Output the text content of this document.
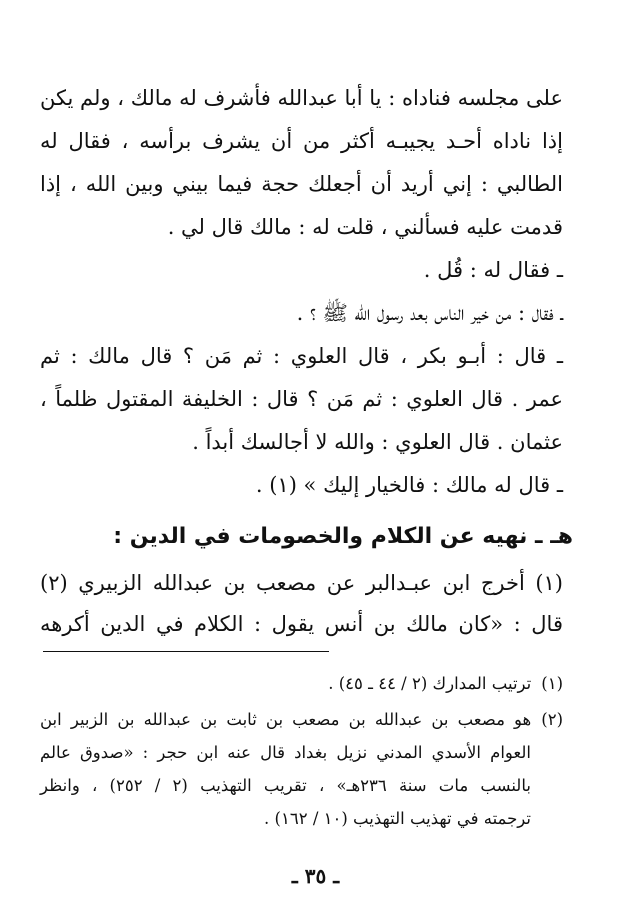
على مجلسه فناداه : يا أبا عبدالله فأشرف له مالك ، ولم يكن
إذا ناداه أحـد يجيبـه أكثر من أن يشرف برأسه ، فقال له
الطالبي : إني أريد أن أجعلك حجة فيما بيني وبين الله ، إذا
قدمت عليه فسألني ، قلت له : مالك قال لي .
ـ فقال له : قُل .
ـ فقال : من خير الناس بعد رسول الله ﷺ ؟ .
ـ قال : أبـو بكر ، قال العلوي : ثم مَن ؟ قال مالك : ثم
عمر . قال العلوي : ثم مَن ؟ قال : الخليفة المقتول ظلماً ،
عثمان . قال العلوي : والله لا أجالسك أبداً .
ـ قال له مالك : فالخيار إليك » (١) .
هـ ـ نهيه عن الكلام والخصومات في الدين :
(١) أخرج ابن عبـدالبر عن مصعب بن عبدالله الزبيري (٢)
قال : «كان مالك بن أنس يقول : الكلام في الدين أكرهه
(١)ترتيب المدارك (٢ / ٤٤ ـ ٤٥) .
(٢)هو مصعب بن عبدالله بن مصعب بن ثابت بن عبدالله بن الزبير ابن
العوام الأسدي المدني نزيل بغداد قال عنه ابن حجر : «صدوق عالم
بالنسب مات سنة ٢٣٦هـ» ، تقريب التهذيب (٢ / ٢٥٢) ، وانظر
ترجمته في تهذيب التهذيب (١٠ / ١٦٢) .
ـ ٣٥ ـ
